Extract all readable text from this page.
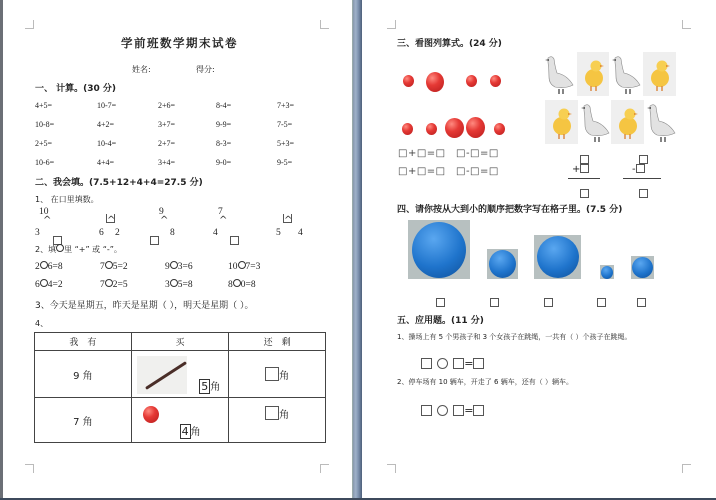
学前班数学期末试卷
姓名:	得分:
一、 计算。(30 分)
4+5=	10-7=	2+6=	8-4=	7+3=
10-8=	4+2=	3+7=	9-9=	7-5=
2+5=	10-4=	2+7=	8-3=	5+3=
10-6=	4+4=	3+4=	9-0=	9-5=
二、我会填。(7.5+12+4+4=27.5 分)
1、 在口里填数。
10
^
3
^
6 2
9
^
8
7
^
4
^
5 4
2、填 里 “+” 或 “-”。
2 6=8	7 5=2	9 3=6	10 7=3
6 4=2	7 2=5	3 5=8	8 0=8
3、今天是星期五，昨天是星期（ ），明天是星期（ ）。
4、
我　有	买	还　剩
9 角	5 角	角
7 角	4 角	角
三、看图列算式。(24 分)
□+□=□ □-□=□
□+□=□ □-□=□	+	-
四、请你按从大到小的顺序把数字写在格子里。(7.5 分)
五、应用题。(11 分)
1、操场上有 5 个男孩子和 3 个女孩子在跳绳，一共有（ ）个孩子在跳绳。
=
2、停车场有 10 辆车，开走了 6 辆车，还有（ ）辆车。
=
